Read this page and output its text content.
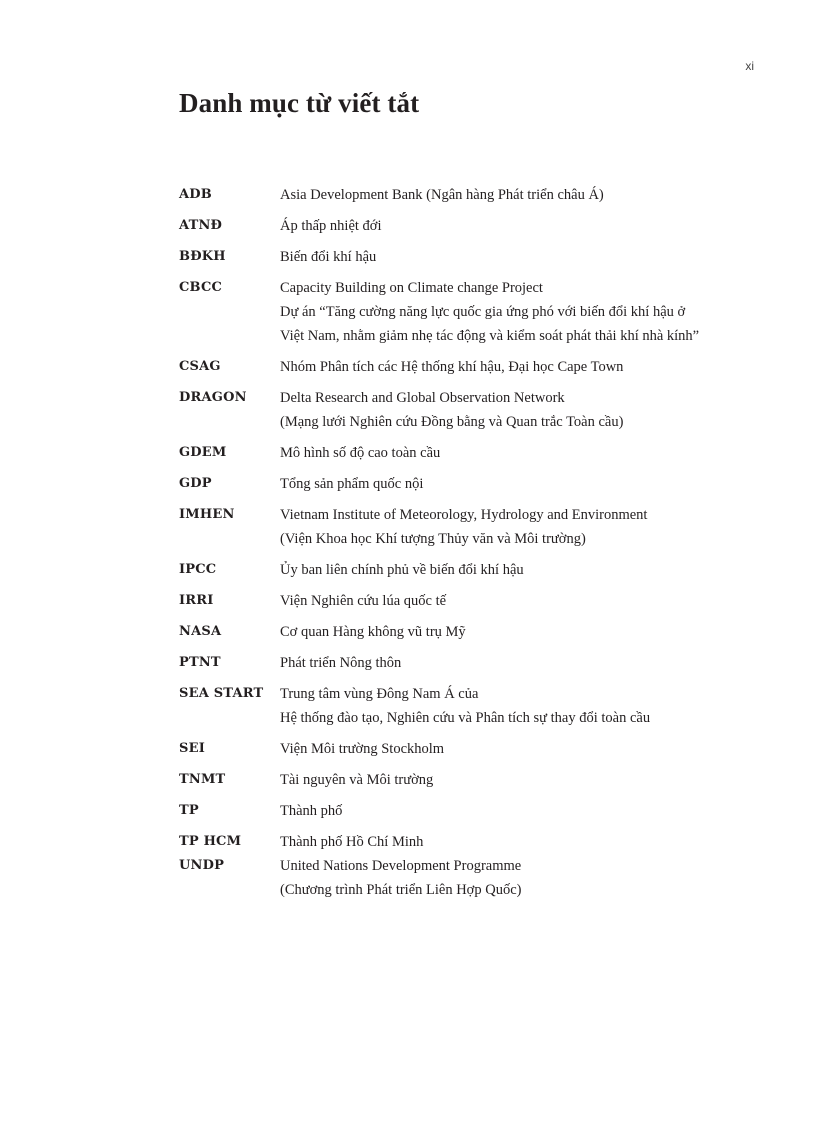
xi
Danh mục từ viết tắt
ADB	Asia Development Bank (Ngân hàng Phát triển châu Á)
ATNĐ	Áp thấp nhiệt đới
BĐKH	Biến đổi khí hậu
CBCC	Capacity Building on Climate change Project
Dự án “Tăng cường năng lực quốc gia ứng phó với biến đổi khí hậu ở
Việt Nam, nhằm giảm nhẹ tác động và kiểm soát phát thải khí nhà kính”
CSAG	Nhóm Phân tích các Hệ thống khí hậu, Đại học Cape Town
DRAGON	Delta Research and Global Observation Network
(Mạng lưới Nghiên cứu Đồng bằng và Quan trắc Toàn cầu)
GDEM	Mô hình số độ cao toàn cầu
GDP	Tổng sản phẩm quốc nội
IMHEN	Vietnam Institute of Meteorology, Hydrology and Environment
(Viện Khoa học Khí tượng Thủy văn và Môi trường)
IPCC	Ủy ban liên chính phủ về biến đổi khí hậu
IRRI	Viện Nghiên cứu lúa quốc tế
NASA	Cơ quan Hàng không vũ trụ Mỹ
PTNT	Phát triển Nông thôn
SEA START	Trung tâm vùng Đông Nam Á của
Hệ thống đào tạo, Nghiên cứu và Phân tích sự thay đổi toàn cầu
SEI	Viện Môi trường Stockholm
TNMT	Tài nguyên và Môi trường
TP	Thành phố
TP HCM	Thành phố Hồ Chí Minh
UNDP	United Nations Development Programme
(Chương trình Phát triển Liên Hợp Quốc)
